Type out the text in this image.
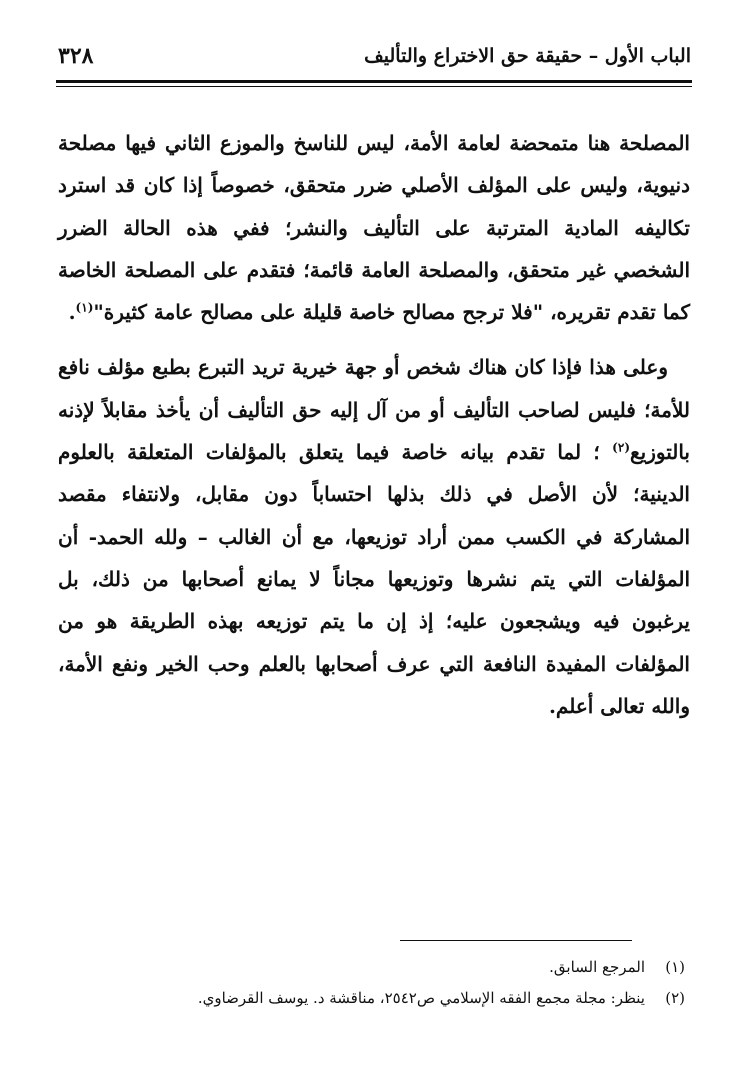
الباب الأول – حقيقة حق الاختراع والتأليف
٣٢٨

المصلحة هنا متمحضة لعامة الأمة، ليس للناسخ والموزع الثاني فيها مصلحة دنيوية، وليس على المؤلف الأصلي ضرر متحقق، خصوصاً إذا كان قد استرد تكاليفه المادية المترتبة على التأليف والنشر؛ ففي هذه الحالة الضرر الشخصي غير متحقق، والمصلحة العامة قائمة؛ فتقدم على المصلحة الخاصة كما تقدم تقريره، "فلا ترجح مصالح خاصة قليلة على مصالح عامة كثيرة"$^{(١)}$.

وعلى هذا فإذا كان هناك شخص أو جهة خيرية تريد التبرع بطبع مؤلف نافع للأمة؛ فليس لصاحب التأليف أو من آل إليه حق التأليف أن يأخذ مقابلاً لإذنه بالتوزيع$^{(٢)}$ ؛ لما تقدم بيانه خاصة فيما يتعلق بالمؤلفات المتعلقة بالعلوم الدينية؛ لأن الأصل في ذلك بذلها احتساباً دون مقابل، ولانتفاء مقصد المشاركة في الكسب ممن أراد توزيعها، مع أن الغالب – ولله الحمد- أن المؤلفات التي يتم نشرها وتوزيعها مجاناً لا يمانع أصحابها من ذلك، بل يرغبون فيه ويشجعون عليه؛ إذ إن ما يتم توزيعه بهذه الطريقة هو من المؤلفات المفيدة النافعة التي عرف أصحابها بالعلم وحب الخير ونفع الأمة، والله تعالى أعلم.

(١)
المرجع السابق.
(٢)
ينظر: مجلة مجمع الفقه الإسلامي ص٢٥٤٢، مناقشة د. يوسف القرضاوي.
